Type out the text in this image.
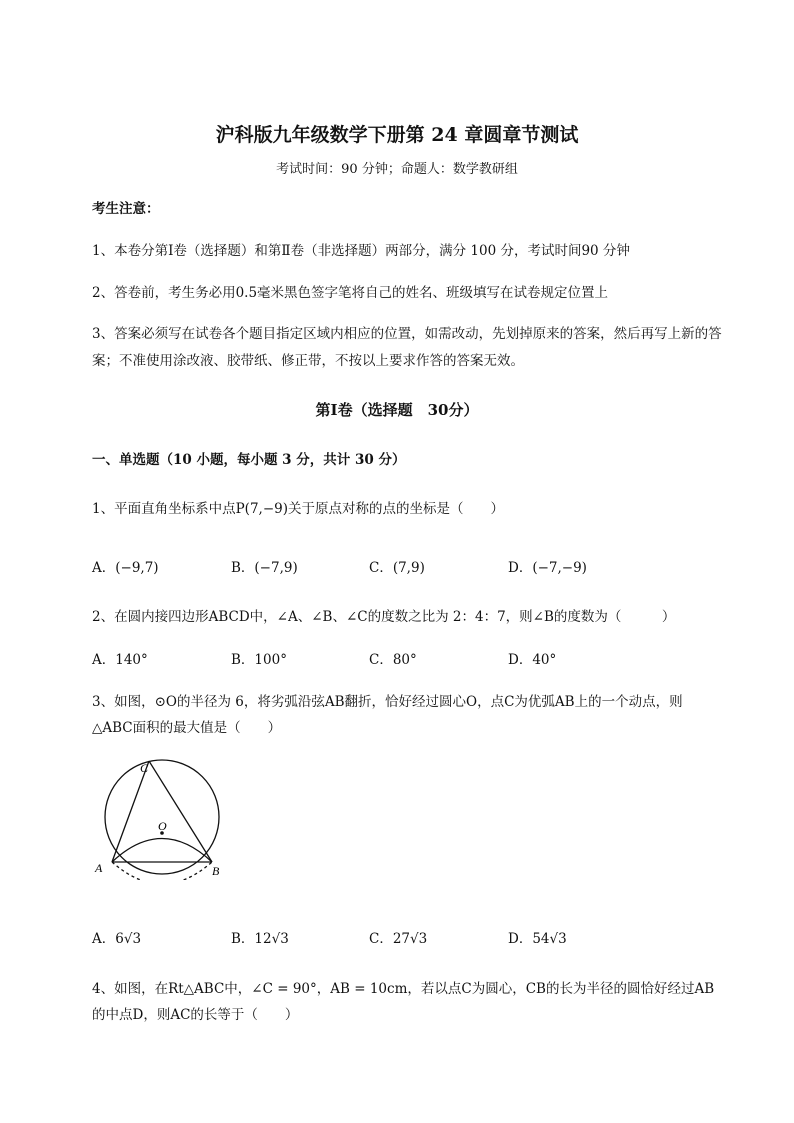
沪科版九年级数学下册第 24 章圆章节测试
考试时间：90 分钟；命题人：数学教研组
考生注意：
1、本卷分第Ⅰ卷（选择题）和第Ⅱ卷（非选择题）两部分，满分 100 分，考试时间90 分钟
2、答卷前，考生务必用0.5毫米黑色签字笔将自己的姓名、班级填写在试卷规定位置上
3、答案必须写在试卷各个题目指定区域内相应的位置，如需改动，先划掉原来的答案，然后再写上新的答案；不准使用涂改液、胶带纸、修正带，不按以上要求作答的答案无效。
第Ⅰ卷（选择题　30分）
一、单选题（10 小题，每小题 3 分，共计 30 分）
1、平面直角坐标系中点P(7,−9)关于原点对称的点的坐标是（　　）
A．(−9,7)	B．(−7,9)	C．(7,9)	D．(−7,−9)
2、在圆内接四边形ABCD中，∠A、∠B、∠C的度数之比为 2：4：7，则∠B的度数为（　　　）
A．140°	B．100°	C．80°	D．40°
3、如图，⊙O的半径为 6，将劣弧沿弦AB翻折，恰好经过圆心O，点C为优弧AB上的一个动点，则
△ABC面积的最大值是（　　）
C
O
A	B
A．6√3	B．12√3	C．27√3	D．54√3
4、如图，在Rt△ABC中，∠C = 90°，AB = 10cm，若以点C为圆心，CB的长为半径的圆恰好经过AB
的中点D，则AC的长等于（　　）
